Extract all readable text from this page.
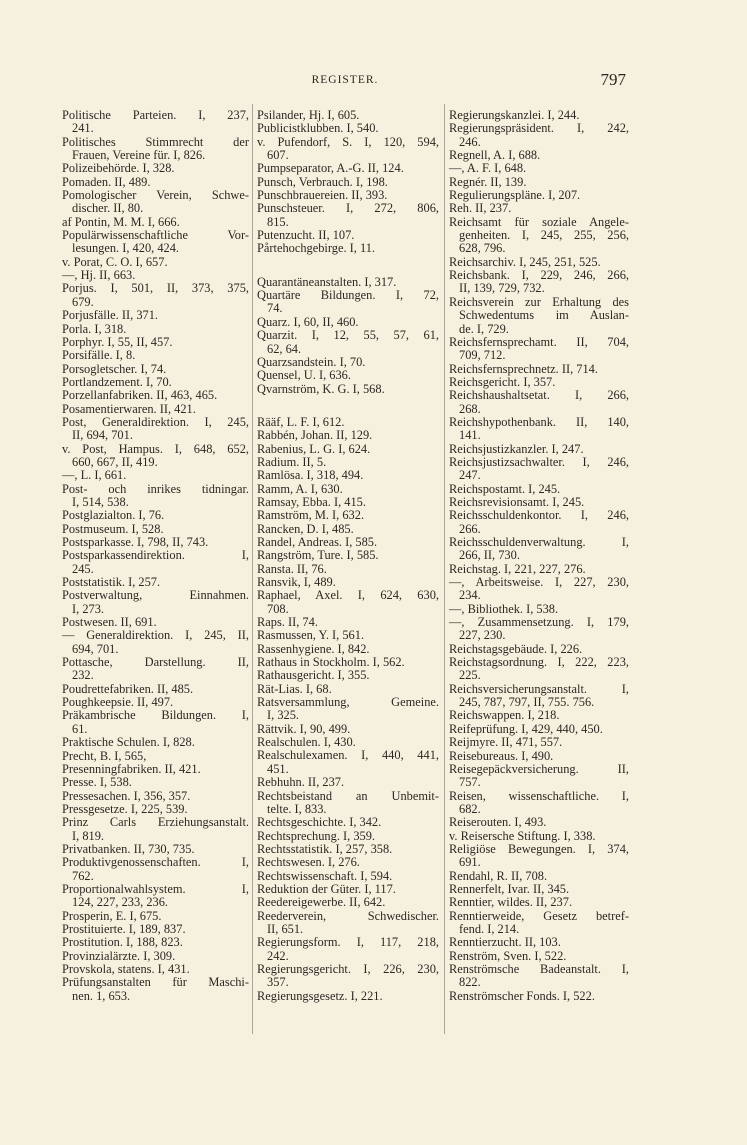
REGISTER.	797
Politische Parteien. I, 237,
241.
Politisches Stimmrecht der
Frauen, Vereine für. I, 826.
Polizeibehörde. I, 328.
Pomaden. II, 489.
Pomologischer Verein, Schwe-
discher. II, 80.
af Pontin, M. M. I, 666.
Populärwissenschaftliche Vor-
lesungen. I, 420, 424.
v. Porat, C. O. I, 657.
—, Hj. II, 663.
Porjus. I, 501, II, 373, 375,
679.
Porjusfälle. II, 371.
Porla. I, 318.
Porphyr. I, 55, II, 457.
Porsifälle. I, 8.
Porsogletscher. I, 74.
Portlandzement. I, 70.
Porzellanfabriken. II, 463, 465.
Posamentierwaren. II, 421.
Post, Generaldirektion. I, 245,
II, 694, 701.
v. Post, Hampus. I, 648, 652,
660, 667, II, 419.
—, L. I, 661.
Post- och inrikes tidningar.
I, 514, 538.
Postglazialton. I, 76.
Postmuseum. I, 528.
Postsparkasse. I, 798, II, 743.
Postsparkassendirektion. I,
245.
Poststatistik. I, 257.
Postverwaltung, Einnahmen.
I, 273.
Postwesen. II, 691.
— Generaldirektion. I, 245, II,
694, 701.
Pottasche, Darstellung. II,
232.
Poudrettefabriken. II, 485.
Poughkeepsie. II, 497.
Präkambrische Bildungen. I,
61.
Praktische Schulen. I, 828.
Precht, B. I, 565,
Presenningfabriken. II, 421.
Presse. I, 538.
Pressesachen. I, 356, 357.
Pressgesetze. I, 225, 539.
Prinz Carls Erziehungsanstalt.
I, 819.
Privatbanken. II, 730, 735.
Produktivgenossenschaften. I,
762.
Proportionalwahlsystem. I,
124, 227, 233, 236.
Prosperin, E. I, 675.
Prostituierte. I, 189, 837.
Prostitution. I, 188, 823.
Provinzialärzte. I, 309.
Provskola, statens. I, 431.
Prüfungsanstalten für Maschi-
nen. 1, 653.
Psilander, Hj. I, 605.
Publicistklubben. I, 540.
v. Pufendorf, S. I, 120, 594,
607.
Pumpseparator, A.-G. II, 124.
Punsch, Verbrauch. I, 198.
Punschbrauereien. II, 393.
Punschsteuer. I, 272, 806,
815.
Putenzucht. II, 107.
Pårtehochgebirge. I, 11.
Quarantäneanstalten. I, 317.
Quartäre Bildungen. I, 72,
74.
Quarz. I, 60, II, 460.
Quarzit. I, 12, 55, 57, 61,
62, 64.
Quarzsandstein. I, 70.
Quensel, U. I, 636.
Qvarnström, K. G. I, 568.
Rääf, L. F. I, 612.
Rabbén, Johan. II, 129.
Rabenius, L. G. I, 624.
Radium. II, 5.
Ramlösa. I, 318, 494.
Ramm, A. I, 630.
Ramsay, Ebba. I, 415.
Ramström, M. I, 632.
Rancken, D. I, 485.
Randel, Andreas. I, 585.
Rangström, Ture. I, 585.
Ransta. II, 76.
Ransvik, I, 489.
Raphael, Axel. I, 624, 630,
708.
Raps. II, 74.
Rasmussen, Y. I, 561.
Rassenhygiene. I, 842.
Rathaus in Stockholm. I, 562.
Rathausgericht. I, 355.
Rät-Lias. I, 68.
Ratsversammlung, Gemeine.
I, 325.
Rättvik. I, 90, 499.
Realschulen. I, 430.
Realschulexamen. I, 440, 441,
451.
Rebhuhn. II, 237.
Rechtsbeistand an Unbemit-
telte. I, 833.
Rechtsgeschichte. I, 342.
Rechtsprechung. I, 359.
Rechtsstatistik. I, 257, 358.
Rechtswesen. I, 276.
Rechtswissenschaft. I, 594.
Reduktion der Güter. I, 117.
Reedereigewerbe. II, 642.
Reederverein, Schwedischer.
II, 651.
Regierungsform. I, 117, 218,
242.
Regierungsgericht. I, 226, 230,
357.
Regierungsgesetz. I, 221.
Regierungskanzlei. I, 244.
Regierungspräsident. I, 242,
246.
Regnell, A. I, 688.
—, A. F. I, 648.
Regnér. II, 139.
Regulierungspläne. I, 207.
Reh. II, 237.
Reichsamt für soziale Angele-
genheiten. I, 245, 255, 256,
628, 796.
Reichsarchiv. I, 245, 251, 525.
Reichsbank. I, 229, 246, 266,
II, 139, 729, 732.
Reichsverein zur Erhaltung des
Schwedentums im Auslan-
de. I, 729.
Reichsfernsprechamt. II, 704,
709, 712.
Reichsfernsprechnetz. II, 714.
Reichsgericht. I, 357.
Reichshaushaltsetat. I, 266,
268.
Reichshypothenbank. II, 140,
141.
Reichsjustizkanzler. I, 247.
Reichsjustizsachwalter. I, 246,
247.
Reichspostamt. I, 245.
Reichsrevisionsamt. I, 245.
Reichsschuldenkontor. I, 246,
266.
Reichsschuldenverwaltung. I,
266, II, 730.
Reichstag. I, 221, 227, 276.
—, Arbeitsweise. I, 227, 230,
234.
—, Bibliothek. I, 538.
—, Zusammensetzung. I, 179,
227, 230.
Reichstagsgebäude. I, 226.
Reichstagsordnung. I, 222, 223,
225.
Reichsversicherungsanstalt. I,
245, 787, 797, II, 755. 756.
Reichswappen. I, 218.
Reifeprüfung. I, 429, 440, 450.
Reijmyre. II, 471, 557.
Reisebureaus. I, 490.
Reisegepäckversicherung. II,
757.
Reisen, wissenschaftliche. I,
682.
Reiserouten. I, 493.
v. Reisersche Stiftung. I, 338.
Religiöse Bewegungen. I, 374,
691.
Rendahl, R. II, 708.
Rennerfelt, Ivar. II, 345.
Renntier, wildes. II, 237.
Renntierweide, Gesetz betref-
fend. I, 214.
Renntierzucht. II, 103.
Renström, Sven. I, 522.
Renströmsche Badeanstalt. I,
822.
Renströmscher Fonds. I, 522.
